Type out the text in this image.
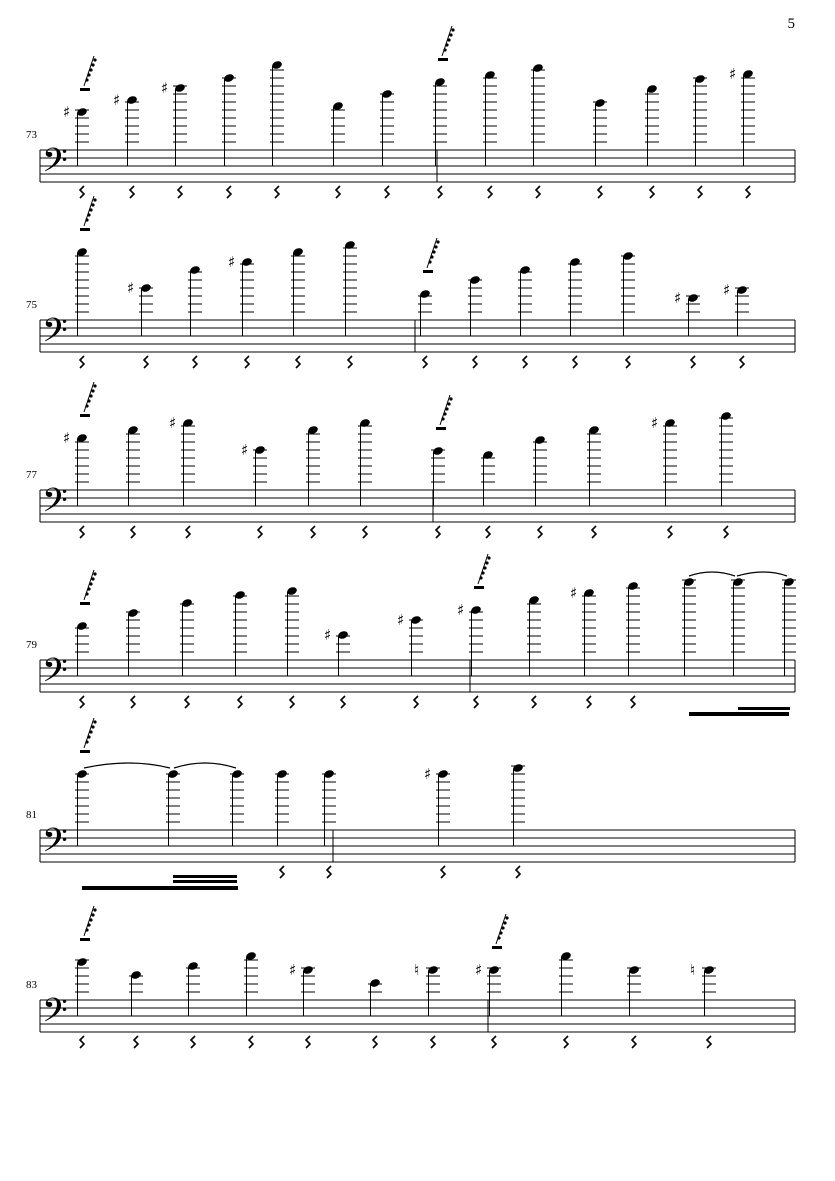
5
𝄢
73
♯
♯
♯
♯
𝄢
75
♯
♯
♯	♯
𝄢
77
♯
♯
♯
♯
𝄢
79
♯
♯
♯
♯
𝄢
81
♯
𝄢
83
♯	♮	♯	♮
